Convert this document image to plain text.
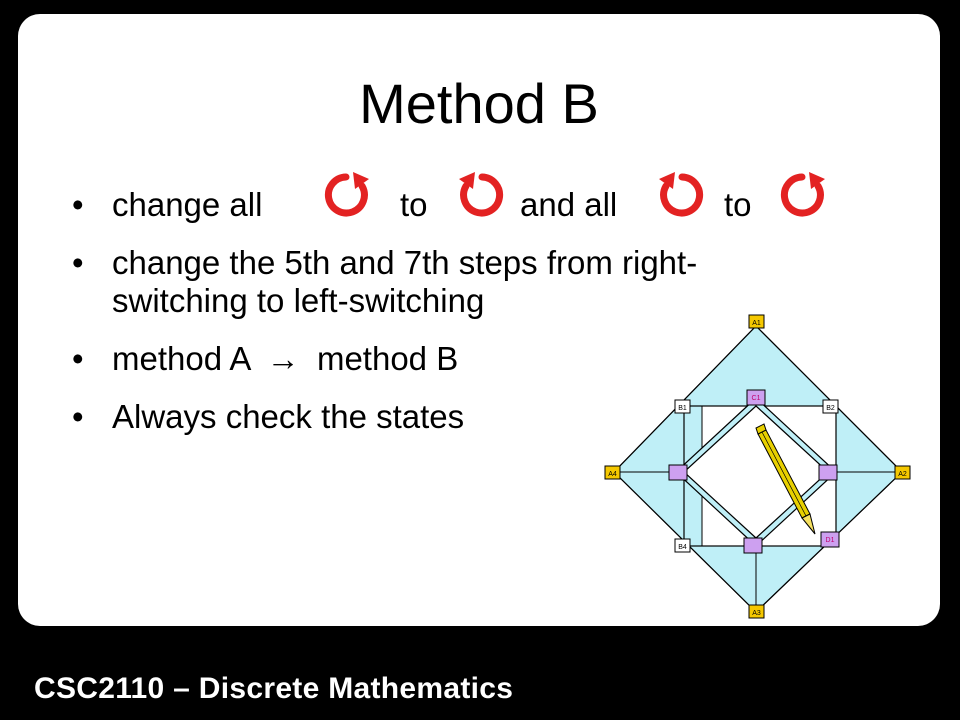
Method B
• change all	to	and all	to
• change the 5th and 7th steps from right-
switching to left-switching
• method A → method B
• Always check the states
A1
A2
A3
A4
B1	B2
B4
C1
D1
CSC2110 – Discrete Mathematics
